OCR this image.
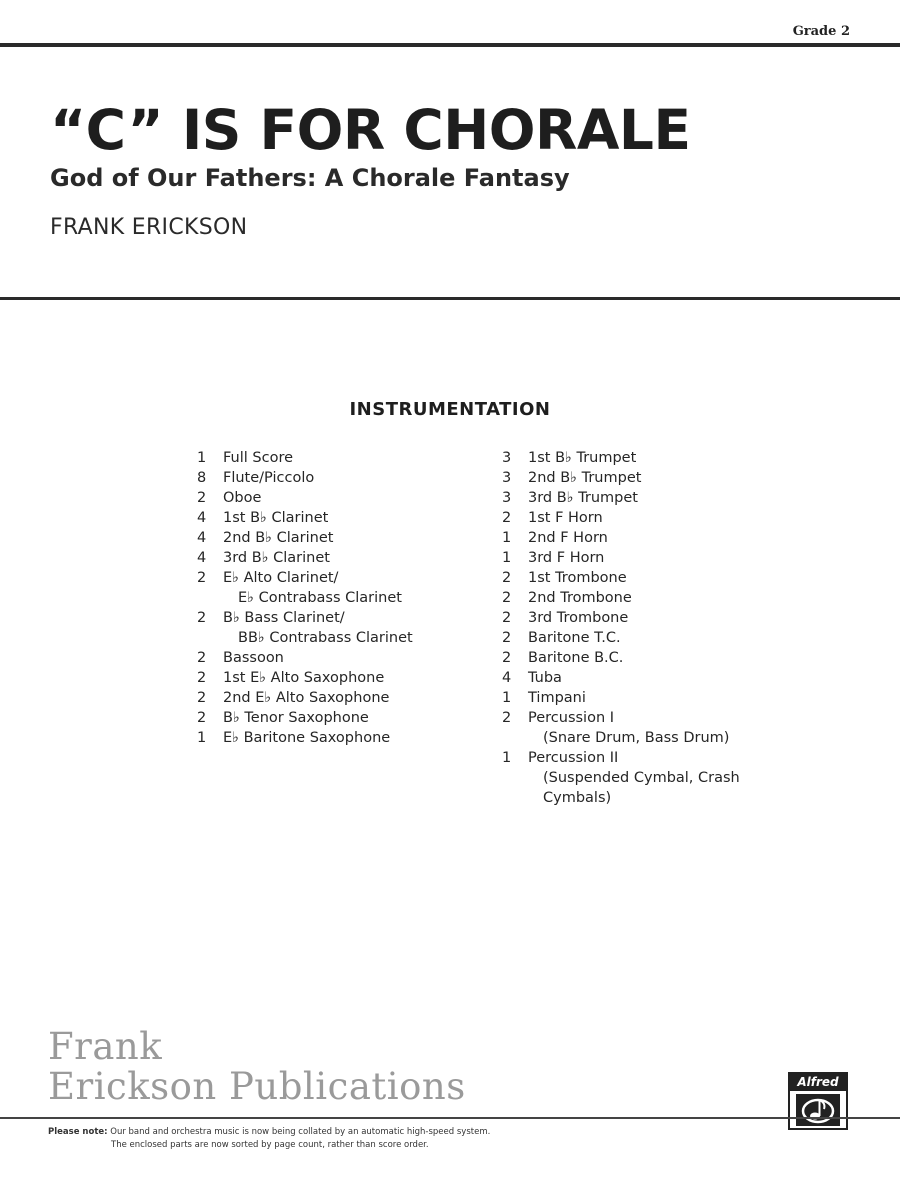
Grade 2
“C” IS FOR CHORALE
God of Our Fathers: A Chorale Fantasy
FRANK ERICKSON
INSTRUMENTATION
1	Full Score
8	Flute/Piccolo
2	Oboe
4	1st B♭ Clarinet
4	2nd B♭ Clarinet
4	3rd B♭ Clarinet
2	E♭ Alto Clarinet/
E♭ Contrabass Clarinet
2	B♭ Bass Clarinet/
BB♭ Contrabass Clarinet
2	Bassoon
2	1st E♭ Alto Saxophone
2	2nd E♭ Alto Saxophone
2	B♭ Tenor Saxophone
1	E♭ Baritone Saxophone
3	1st B♭ Trumpet
3	2nd B♭ Trumpet
3	3rd B♭ Trumpet
2	1st F Horn
1	2nd F Horn
1	3rd F Horn
2	1st Trombone
2	2nd Trombone
2	3rd Trombone
2	Baritone T.C.
2	Baritone B.C.
4	Tuba
1	Timpani
2	Percussion I
(Snare Drum, Bass Drum)
1	Percussion II
(Suspended Cymbal, Crash
Cymbals)
Frank
Erickson Publications	Alfred
Please note: Our band and orchestra music is now being collated by an automatic high-speed system.
The enclosed parts are now sorted by page count, rather than score order.
